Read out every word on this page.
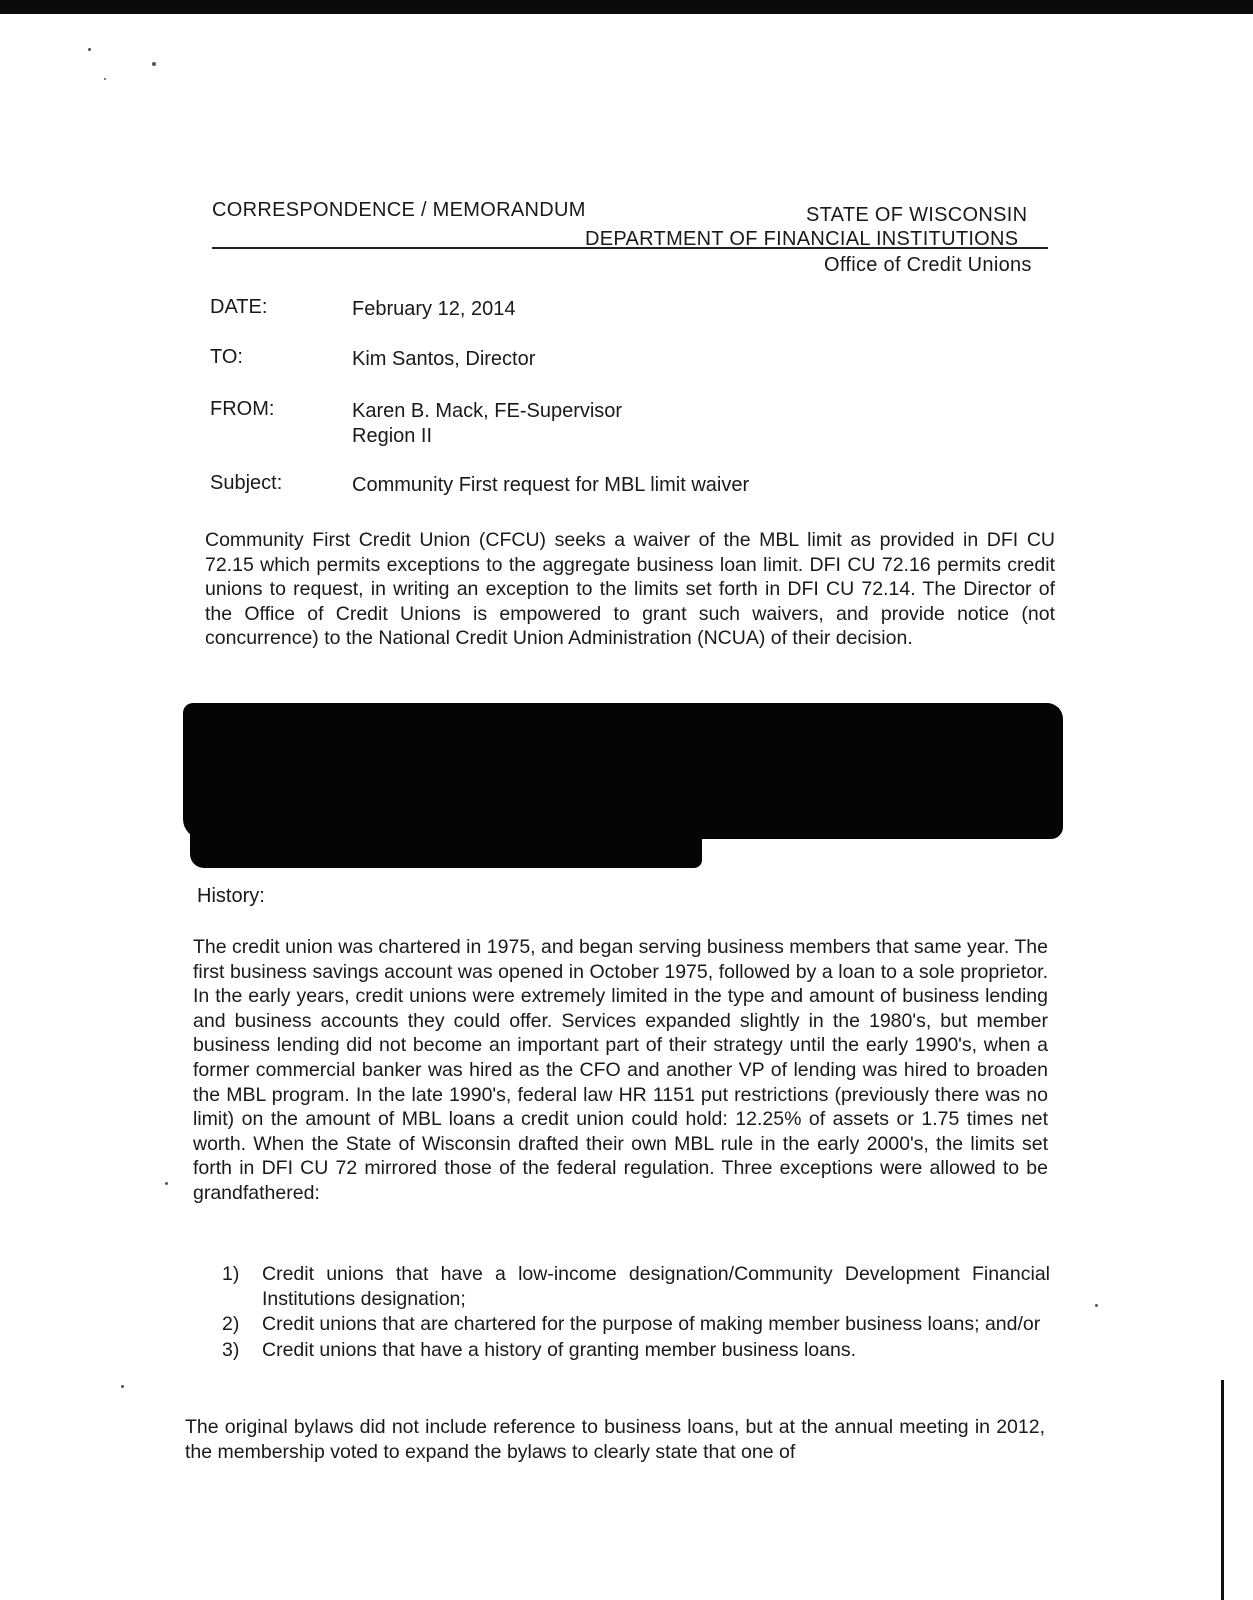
CORRESPONDENCE / MEMORANDUM	STATE OF WISCONSIN
DEPARTMENT OF FINANCIAL INSTITUTIONS
Office of Credit Unions
DATE:	February 12, 2014
TO:	Kim Santos, Director
FROM:	Karen B. Mack, FE-Supervisor
Region II
Subject:	Community First request for MBL limit waiver

Community First Credit Union (CFCU) seeks a waiver of the MBL limit as provided in DFI CU 72.15 which permits exceptions to the aggregate business loan limit. DFI CU 72.16 permits credit unions to request, in writing an exception to the limits set forth in DFI CU 72.14. The Director of the Office of Credit Unions is empowered to grant such waivers, and provide notice (not concurrence) to the National Credit Union Administration (NCUA) of their decision.

History:

The credit union was chartered in 1975, and began serving business members that same year. The first business savings account was opened in October 1975, followed by a loan to a sole proprietor. In the early years, credit unions were extremely limited in the type and amount of business lending and business accounts they could offer. Services expanded slightly in the 1980's, but member business lending did not become an important part of their strategy until the early 1990's, when a former commercial banker was hired as the CFO and another VP of lending was hired to broaden the MBL program. In the late 1990's, federal law HR 1151 put restrictions (previously there was no limit) on the amount of MBL loans a credit union could hold: 12.25% of assets or 1.75 times net worth. When the State of Wisconsin drafted their own MBL rule in the early 2000's, the limits set forth in DFI CU 72 mirrored those of the federal regulation. Three exceptions were allowed to be grandfathered:

1) Credit unions that have a low-income designation/Community Development Financial Institutions designation;
2) Credit unions that are chartered for the purpose of making member business loans; and/or
3) Credit unions that have a history of granting member business loans.

The original bylaws did not include reference to business loans, but at the annual meeting in 2012, the membership voted to expand the bylaws to clearly state that one of
